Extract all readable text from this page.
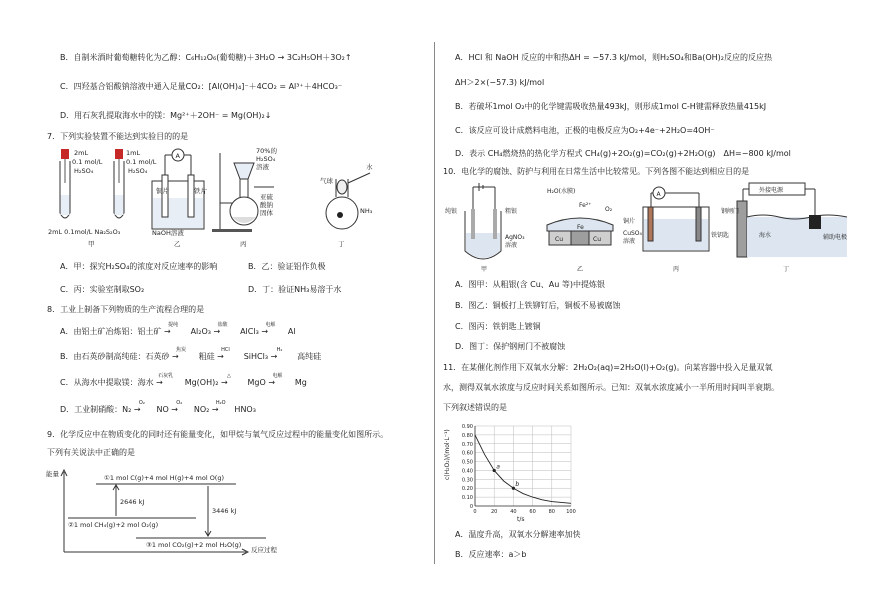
B．自制米酒时葡萄糖转化为乙醇：C₆H₁₂O₆(葡萄糖)＋3H₂O → 3C₂H₅OH＋3O₂↑
C．四羟基合铝酸钠溶液中通入足量CO₂：[Al(OH)₄]⁻＋4CO₂ = Al³⁺＋4HCO₃⁻
D．用石灰乳提取海水中的镁：Mg²⁺＋2OH⁻ = Mg(OH)₂↓
7．下列实验装置不能达到实验目的的是
2mL
0.1 mol/L
H₂SO₄
1mL
0.1 mol/L
H₂SO₄
2mL 0.1mol/L Na₂S₂O₃
甲
A
铜片	铁片
NaOH溶液
乙
70%的
H₂SO₄
溶液
亚硫
酸钠
固体
丙
气球
水
NH₃
丁
A．甲：探究H₂SO₄的浓度对反应速率的影响	B．乙：验证铝作负极
C．丙：实验室制取SO₂	D．丁：验证NH₃易溶于水
8．工业上制备下列物质的生产流程合理的是
A．由铝土矿冶炼铝：铝土矿
提纯
→ Al₂O₃
盐酸
→ AlCl₃
电解
→ Al
B．由石英砂制高纯硅：石英砂
焦炭
→ 粗硅
HCl
→ SiHCl₃
H₂
→ 高纯硅
C．从海水中提取镁：海水
石灰乳
→	Mg(OH)₂
△
→ MgO
电解
→ Mg
D．工业制硝酸：N₂
O₂
→ NO
O₂
→ NO₂
H₂O
→ HNO₃
9．化学反应中在物质变化的同时还有能量变化，如甲烷与氧气反应过程中的能量变化如图所示。
下列有关说法中正确的是
能量
反应过程
①1 mol C(g)+4 mol H(g)+4 mol O(g)
②1 mol CH₄(g)+2 mol O₂(g)
③1 mol CO₂(g)+2 mol H₂O(g)
2646 kJ
3446 kJ
A．HCl 和 NaOH 反应的中和热ΔH = −57.3 kJ/mol，则H₂SO₄和Ba(OH)₂反应的反应热
ΔH＞2×(−57.3) kJ/mol
B．若破坏1mol O₂中的化学键需吸收热量493kJ，则形成1mol C-H键需释放热量415kJ
C．该反应可设计成燃料电池，正极的电极反应为O₂+4e⁻+2H₂O=4OH⁻
D．表示 CH₄燃烧热的热化学方程式 CH₄(g)+2O₂(g)=CO₂(g)+2H₂O(g)　ΔH=−800 kJ/mol
10．电化学的腐蚀、防护与利用在日常生活中比较常见。下列各图不能达到相应目的是
纯银	粗银
AgNO₃
溶液
甲
H₂O(水膜)
Fe²⁺
O₂
Cu	Cu
Fe
乙
A
铜片
CuSO₄
溶液
铁钥匙
丙
外接电源
钢闸门
海水	辅助电极
丁
A．图甲：从粗银(含 Cu、Au 等)中提炼银
B．图乙：铜板打上铁铆钉后，铜板不易被腐蚀
C．图丙：铁钥匙上镀铜
D．图丁：保护钢闸门不被腐蚀
11．在某催化剂作用下双氧水分解：2H₂O₂(aq)=2H₂O(l)+O₂(g)。向某容器中投入足量双氧
水，测得双氧水浓度与反应时间关系如图所示。已知：双氧水浓度减小一半所用时间叫半衰期。
下列叙述错误的是
c(H₂O₂)/(mol·L⁻¹)
t/s
0
0.10
0.20
0.30
0.40
0.50
0.60
0.70
0.80
0.90
0	20	40	60	80 100
a
b
A．温度升高，双氧水分解速率加快
B．反应速率：a＞b
